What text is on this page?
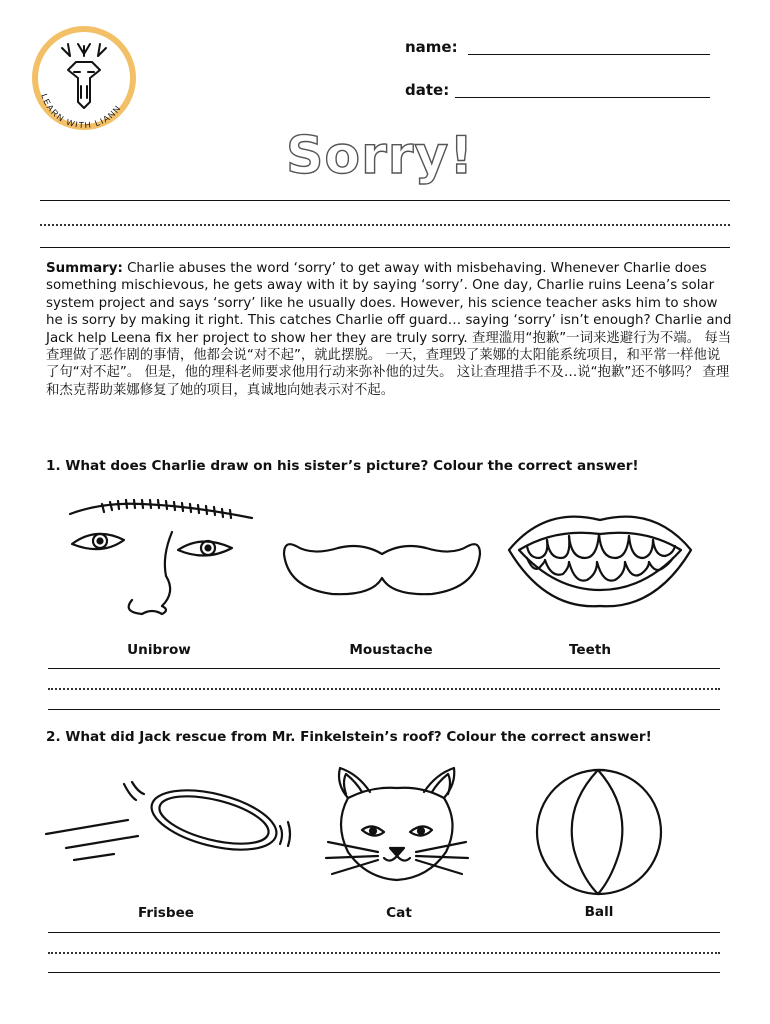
LEARN WITH LIANN
name:
date:
Sorry!
Summary: Charlie abuses the word ‘sorry’ to get away with misbehaving. Whenever Charlie does something mischievous, he gets away with it by saying ‘sorry’. One day, Charlie ruins Leena’s solar system project and says ‘sorry’ like he usually does. However, his science teacher asks him to show he is sorry by making it right. This catches Charlie off guard… saying ‘sorry’ isn’t enough? Charlie and Jack help Leena fix her project to show her they are truly sorry. 查理滥用“抱歉”一词来逃避行为不端。 每当查理做了恶作剧的事情，他都会说“对不起”，就此摆脱。 一天，查理毁了莱娜的太阳能系统项目，和平常一样他说了句“对不起”。 但是，他的理科老师要求他用行动来弥补他的过失。 这让查理措手不及…说“抱歉”还不够吗？ 查理和杰克帮助莱娜修复了她的项目，真诚地向她表示对不起。
1. What does Charlie draw on his sister’s picture? Colour the correct answer!
Unibrow	Moustache	Teeth
2. What did Jack rescue from Mr. Finkelstein’s roof? Colour the correct answer!
Frisbee	Cat	Ball
